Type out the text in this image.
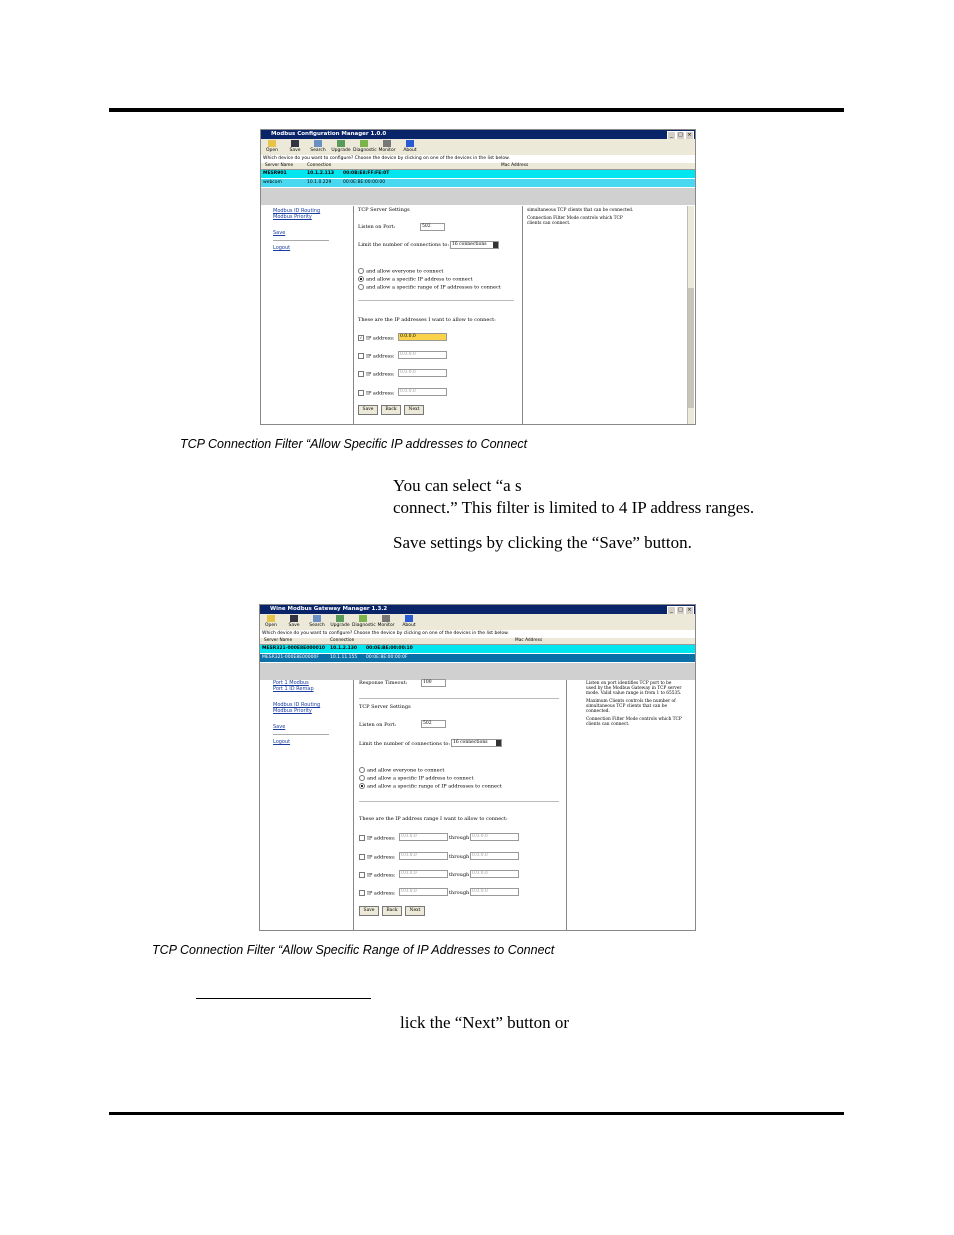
Modbus Configuration Manager 1.0.0	_	□ ×
Open	Save	Search	Upgrade Diagnostic Monitor	About
Which device do you want to configure? Choose the device by clicking on one of the devices in the list below.
Server Name	Connection	Mac Address
MESR901	10.1.2.113 00:0B:E8:FF:FE:0T
webcom	10.1.0.229	00:0E:BE:00:00:00
Modbus ID Routing
Modbus Priority
Save
Logout
TCP Server Settings
Listen on Port:	502
Limit the number of connections to: 16 connections
and allow everyone to connect
and allow a specific IP address to connect
and allow a specific range of IP addresses to connect
These are the IP addresses I want to allow to connect:
✓ IP address:	0.0.0.0
IP address:	0.0.0.0
IP address:	0.0.0.0
IP address:	0.0.0.0
Save	Back	Next
simultaneous TCP clients that can be connected.
Connection Filter Mode controls which TCP clients can connect.
TCP Connection Filter “Allow Specific IP addresses to Connect
You can select “a s
connect.” This filter is limited to 4 IP address ranges.
Save settings by clicking the “Save” button.
Wine Modbus Gateway Manager 1.3.2	_	□ ×
Open	Save	Search	Upgrade Diagnostic Monitor	About
Which device do you want to configure? Choose the device by clicking on one of the devices in the list below.
Server Name	Connection	Mac Address
MESR321-000E8E000010 10.1.2.130 00:0E:BE:00:00:10
MESR321-000E8E00000F 10.1.11.155 00:0E:8E:00:00:0F
Port 1 Modbus
Port 1 ID Remap
Modbus ID Routing
Modbus Priority
Save
Logout
Response Timeout:	100
TCP Server Settings
Listen on Port:	502
Limit the number of connections to: 16 connections
and allow everyone to connect
and allow a specific IP address to connect
and allow a specific range of IP addresses to connect
These are the IP address range I want to allow to connect:
IP address:	0.0.0.0	through 0.0.0.0
IP address:	0.0.0.0	through 0.0.0.0
IP address:	0.0.0.0	through 0.0.0.0
IP address:	0.0.0.0	through 0.0.0.0
Save	Back	Next
Listen on port identifies TCP port to be used by the Modbus Gateway in TCP server mode. Valid value range is from 1 to 65535.
Maximum Clients controls the number of simultaneous TCP clients that can be connected.
Connection Filter Mode controls which TCP clients can connect.
TCP Connection Filter “Allow Specific Range of IP Addresses to Connect
lick the “Next” button or
